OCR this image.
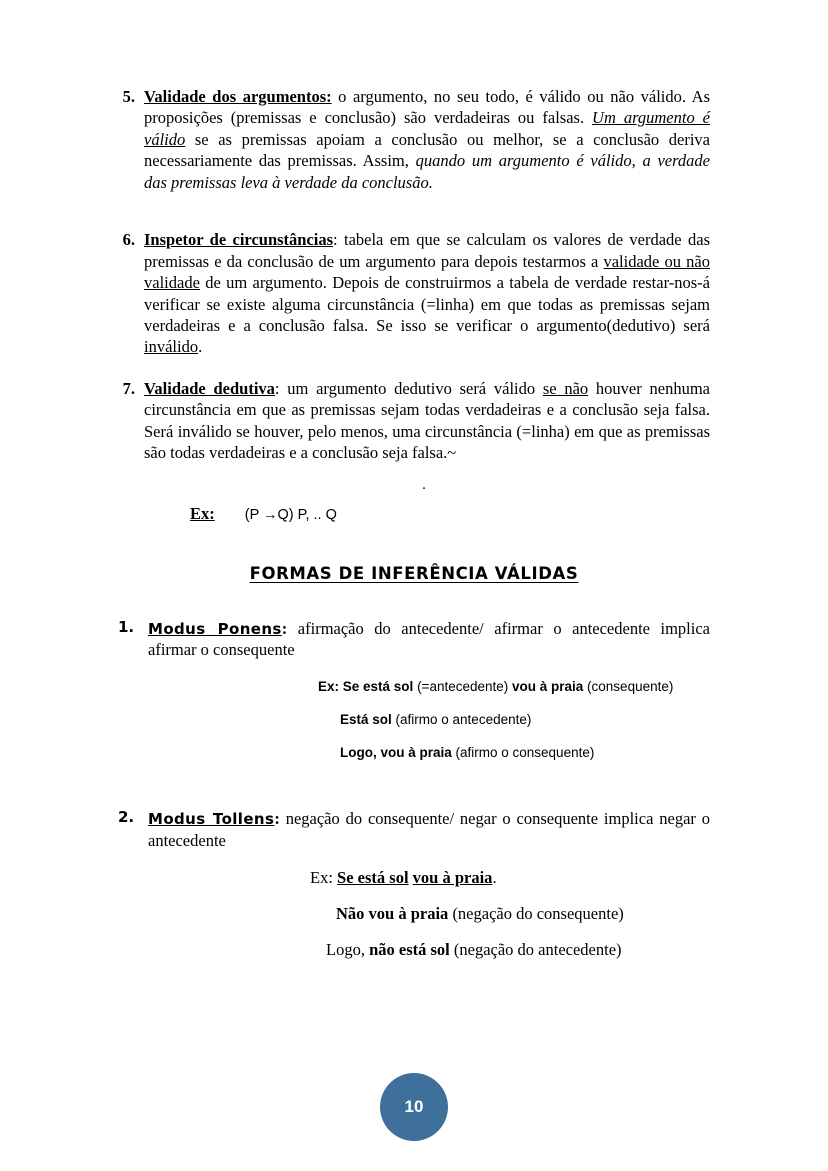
5. Validade dos argumentos: o argumento, no seu todo, é válido ou não válido. As proposições (premissas e conclusão) são verdadeiras ou falsas. Um argumento é válido se as premissas apoiam a conclusão ou melhor, se a conclusão deriva necessariamente das premissas. Assim, quando um argumento é válido, a verdade das premissas leva à verdade da conclusão.
6. Inspetor de circunstâncias: tabela em que se calculam os valores de verdade das premissas e da conclusão de um argumento para depois testarmos a validade ou não validade de um argumento. Depois de construirmos a tabela de verdade restar-nos-á verificar se existe alguma circunstância (=linha) em que todas as premissas sejam verdadeiras e a conclusão falsa. Se isso se verificar o argumento(dedutivo) será inválido.
7. Validade dedutiva: um argumento dedutivo será válido se não houver nenhuma circunstância em que as premissas sejam todas verdadeiras e a conclusão seja falsa. Será inválido se houver, pelo menos, uma circunstância (=linha) em que as premissas são todas verdadeiras e a conclusão seja falsa.~
.
Ex: (P →Q) P, .. Q
FORMAS DE INFERÊNCIA VÁLIDAS
1. Modus Ponens: afirmação do antecedente/ afirmar o antecedente implica afirmar o consequente
Ex: Se está sol (=antecedente) vou à praia (consequente)
Está sol (afirmo o antecedente)
Logo, vou à praia (afirmo o consequente)
2. Modus Tollens: negação do consequente/ negar o consequente implica negar o antecedente
Ex: Se está sol vou à praia.
Não vou à praia (negação do consequente)
Logo, não está sol (negação do antecedente)
10
